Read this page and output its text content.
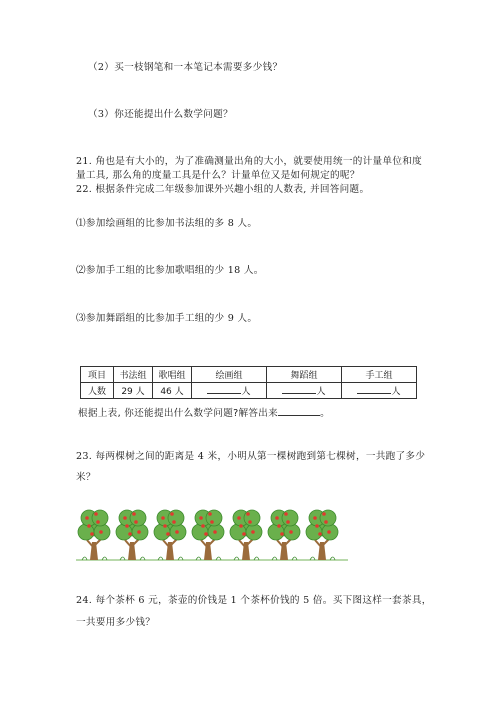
（2）买一枝钢笔和一本笔记本需要多少钱？
（3）你还能提出什么数学问题？
21. 角也是有大小的，为了准确测量出角的大小，就要使用统一的计量单位和度
量工具, 那么角的度量工具是什么？计量单位又是如何规定的呢？
22. 根据条件完成二年级参加课外兴趣小组的人数表, 并回答问题。
⑴参加绘画组的比参加书法组的多 8 人。
⑵参加手工组的比参加歌唱组的少 18 人。
⑶参加舞蹈组的比参加手工组的少 9 人。
项目	书法组	歌唱组	绘画组	舞蹈组	手工组
人数	29 人	46 人	人	人	人
根据上表, 你还能提出什么数学问题?解答出来	。
23. 每两棵树之间的距离是 4 米，小明从第一棵树跑到第七棵树，一共跑了多少
米？
24. 每个茶杯 6 元，茶壶的价钱是 1 个茶杯价钱的 5 倍。买下图这样一套茶具，
一共要用多少钱？
